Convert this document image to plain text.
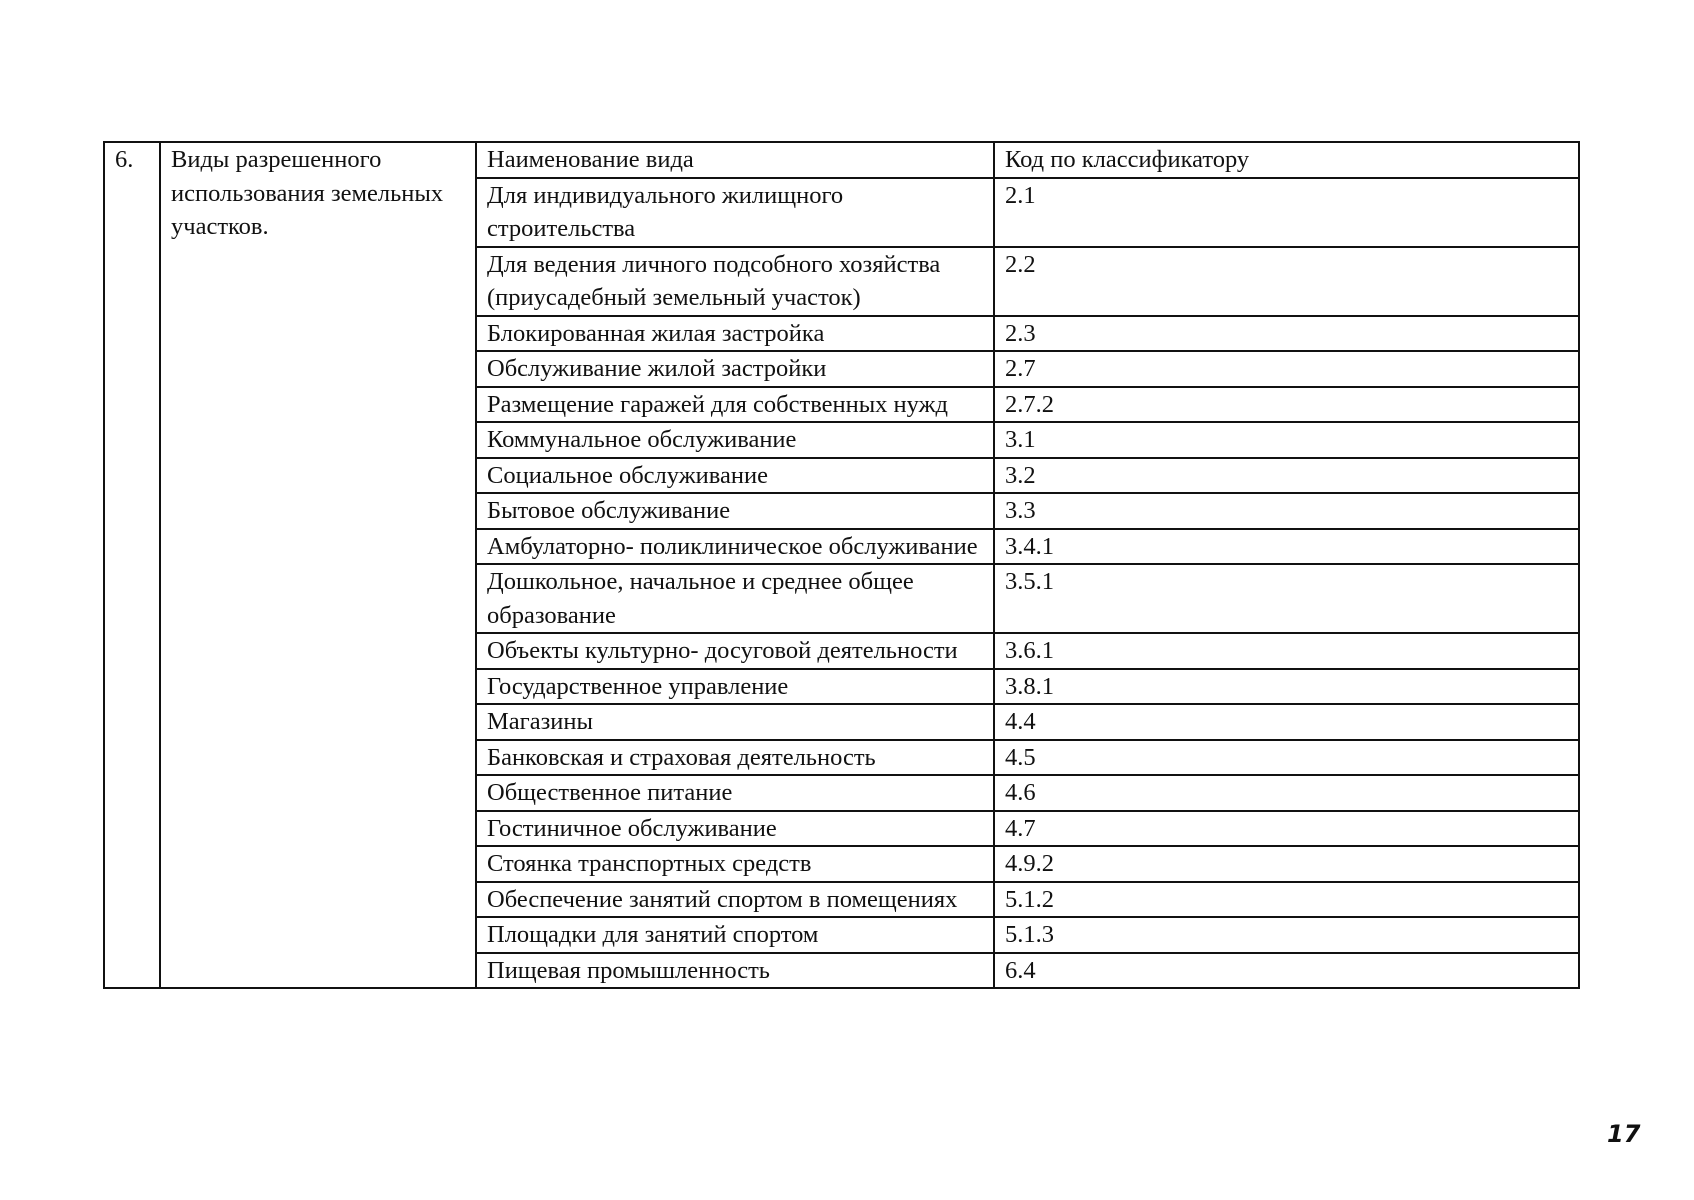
6.	Виды разрешенного использования земельных участков.	Наименование вида	Код по классификатору
		Для индивидуального жилищного строительства	2.1
		Для ведения личного подсобного хозяйства (приусадебный земельный участок)	2.2
		Блокированная жилая застройка	2.3
		Обслуживание жилой застройки	2.7
		Размещение гаражей для собственных нужд	2.7.2
		Коммунальное обслуживание	3.1
		Социальное обслуживание	3.2
		Бытовое обслуживание	3.3
		Амбулаторно- поликлиническое обслуживание	3.4.1
		Дошкольное, начальное и среднее общее образование	3.5.1
		Объекты культурно- досуговой деятельности	3.6.1
		Государственное управление	3.8.1
		Магазины	4.4
		Банковская и страховая деятельность	4.5
		Общественное питание	4.6
		Гостиничное обслуживание	4.7
		Стоянка транспортных средств	4.9.2
		Обеспечение занятий спортом в помещениях	5.1.2
		Площадки для занятий спортом	5.1.3
		Пищевая промышленность	6.4
17
